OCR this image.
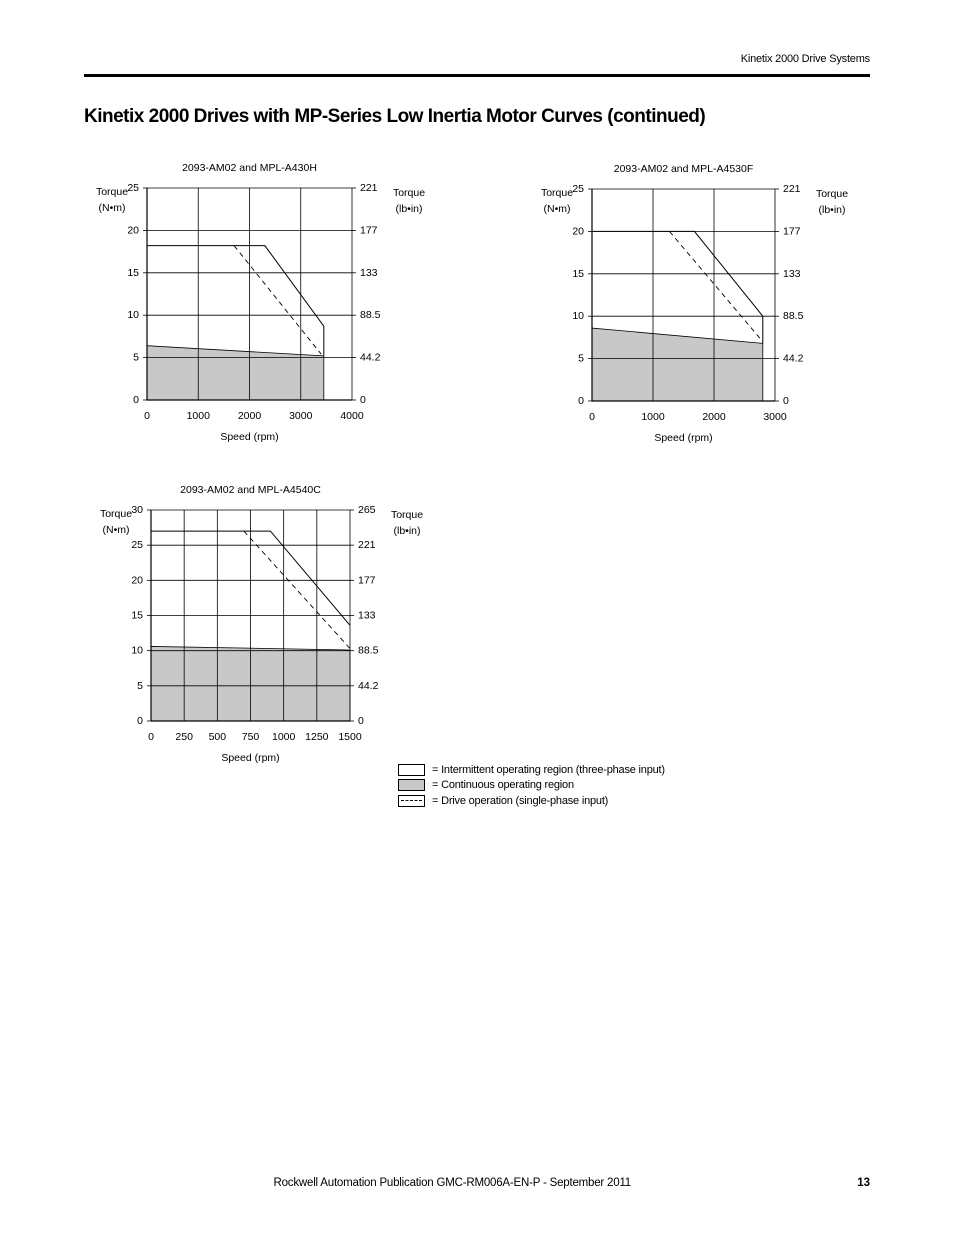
Kinetix 2000 Drive Systems
Kinetix 2000 Drives with MP-Series Low Inertia Motor Curves (continued)
0
5
10
15
20
25
0
44.2
88.5
133
177
221
0	1000	2000	3000	4000
2093-AM02 and MPL-A430H
Speed (rpm)
Torque
(N•m)
Torque
(lb•in)
0
5
10
15
20
25
0
44.2
88.5
133
177
221
0	1000	2000	3000
2093-AM02 and MPL-A4530F
Speed (rpm)
Torque
(N•m)
Torque
(lb•in)
0
5
10
15
20
25
30
0
44.2
88.5
133
177
221
265
0 250 500 750 1000 1250 1500
2093-AM02 and MPL-A4540C
Speed (rpm)
Torque
(N•m)
Torque
(lb•in)
= Intermittent operating region (three-phase input)
= Continuous operating region
= Drive operation (single-phase input)
Rockwell Automation Publication GMC-RM006A-EN-P - September 2011	13
